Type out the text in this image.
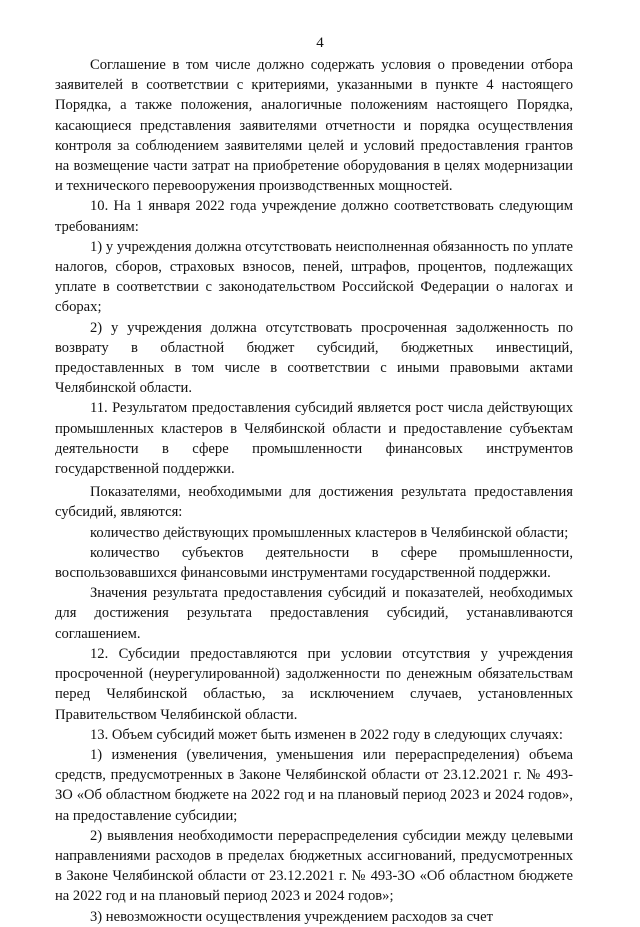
4

Соглашение в том числе должно содержать условия о проведении отбора заявителей в соответствии с критериями, указанными в пункте 4 настоящего Порядка, а также положения, аналогичные положениям настоящего Порядка, касающиеся представления заявителями отчетности и порядка осуществления контроля за соблюдением заявителями целей и условий предоставления грантов на возмещение части затрат на приобретение оборудования в целях модернизации и технического перевооружения производственных мощностей.

10. На 1 января 2022 года учреждение должно соответствовать следующим требованиям:

1) у учреждения должна отсутствовать неисполненная обязанность по уплате налогов, сборов, страховых взносов, пеней, штрафов, процентов, подлежащих уплате в соответствии с законодательством Российской Федерации о налогах и сборах;

2) у учреждения должна отсутствовать просроченная задолженность по возврату в областной бюджет субсидий, бюджетных инвестиций, предоставленных в том числе в соответствии с иными правовыми актами Челябинской области.

11. Результатом предоставления субсидий является рост числа действующих промышленных кластеров в Челябинской области и предоставление субъектам деятельности в сфере промышленности финансовых инструментов государственной поддержки.

Показателями, необходимыми для достижения результата предоставления субсидий, являются:

количество действующих промышленных кластеров в Челябинской области;

количество субъектов деятельности в сфере промышленности, воспользовавшихся финансовыми инструментами государственной поддержки.

Значения результата предоставления субсидий и показателей, необходимых для достижения результата предоставления субсидий, устанавливаются соглашением.

12. Субсидии предоставляются при условии отсутствия у учреждения просроченной (неурегулированной) задолженности по денежным обязательствам перед Челябинской областью, за исключением случаев, установленных Правительством Челябинской области.

13. Объем субсидий может быть изменен в 2022 году в следующих случаях:

1) изменения (увеличения, уменьшения или перераспределения) объема средств, предусмотренных в Законе Челябинской области от 23.12.2021 г. № 493-ЗО «Об областном бюджете на 2022 год и на плановый период 2023 и 2024 годов», на предоставление субсидии;

2) выявления необходимости перераспределения субсидии между целевыми направлениями расходов в пределах бюджетных ассигнований, предусмотренных в Законе Челябинской области от 23.12.2021 г. № 493-ЗО «Об областном бюджете на 2022 год и на плановый период 2023 и 2024 годов»;

3) невозможности осуществления учреждением расходов за счет
